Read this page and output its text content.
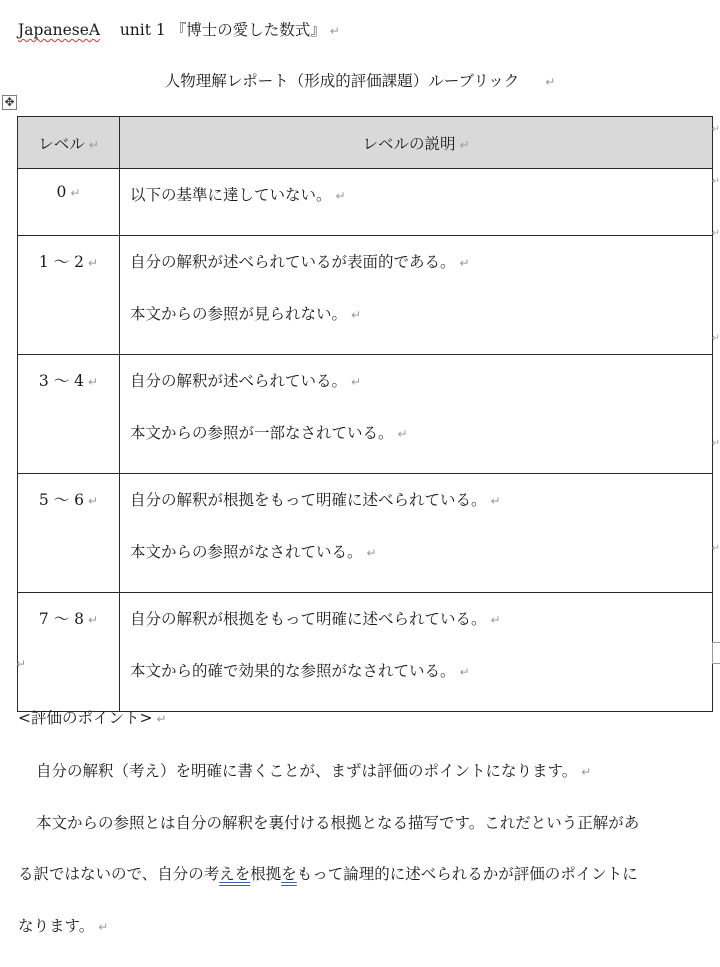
JapaneseA unit 1 『博士の愛した数式』 ↵
人物理解レポート（形成的評価課題）ルーブリック ↵
✥
レベル ↵	レベルの説明 ↵
0 ↵	以下の基準に達していない。 ↵

1 〜 2 ↵	自分の解釈が述べられているが表面的である。 ↵
本文からの参照が見られない。 ↵

3 〜 4 ↵	自分の解釈が述べられている。 ↵
本文からの参照が一部なされている。 ↵

5 〜 6 ↵	自分の解釈が根拠をもって明確に述べられている。 ↵
本文からの参照がなされている。 ↵

7 〜 8 ↵	自分の解釈が根拠をもって明確に述べられている。 ↵
本文から的確で効果的な参照がなされている。 ↵
↵
↵
↵
↵
↵
↵
↵
<評価のポイント> ↵
自分の解釈（考え）を明確に書くことが、まずは評価のポイントになります。 ↵
本文からの参照とは自分の解釈を裏付ける根拠となる描写です。これだという正解があ
る訳ではないので、自分の考えを根拠をもって論理的に述べられるかが評価のポイントに
なります。 ↵
